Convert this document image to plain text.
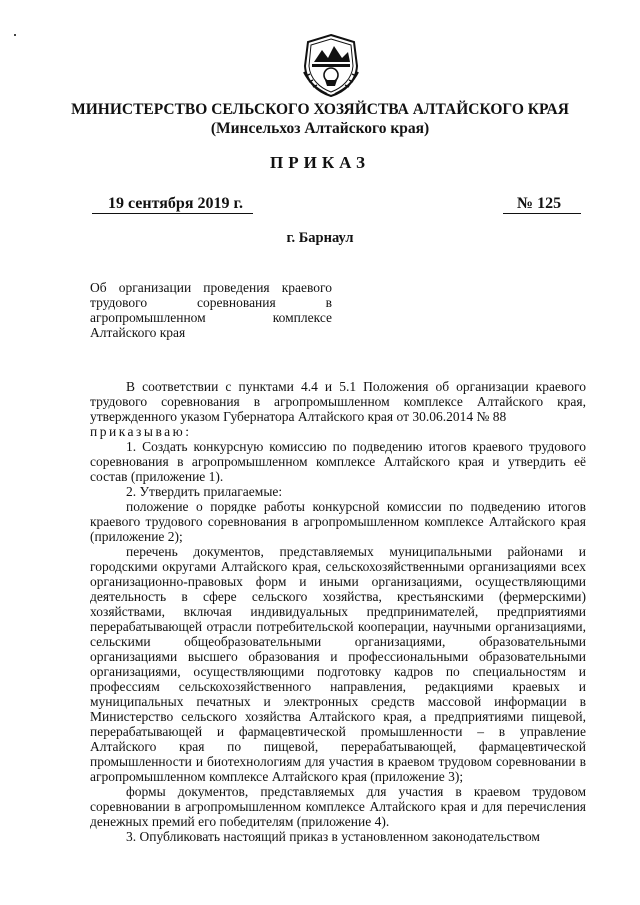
МИНИСТЕРСТВО СЕЛЬСКОГО ХОЗЯЙСТВА АЛТАЙСКОГО КРАЯ
(Минсельхоз Алтайского края)
ПРИКАЗ
19 сентября 2019 г.	№ 125
г. Барнаул
Об организации проведения краевого трудового соревнования в агропромышленном комплексе Алтайского края

В соответствии с пунктами 4.4 и 5.1 Положения об организации краевого трудового соревнования в агропромышленном комплексе Алтайского края, утвержденного указом Губернатора Алтайского края от 30.06.2014 № 88

приказываю:

1. Создать конкурсную комиссию по подведению итогов краевого трудового соревнования в агропромышленном комплексе Алтайского края и утвердить её состав (приложение 1).

2. Утвердить прилагаемые:

положение о порядке работы конкурсной комиссии по подведению итогов краевого трудового соревнования в агропромышленном комплексе Алтайского края (приложение 2);

перечень документов, представляемых муниципальными районами и городскими округами Алтайского края, сельскохозяйственными организациями всех организационно-правовых форм и иными организациями, осуществляющими деятельность в сфере сельского хозяйства, крестьянскими (фермерскими) хозяйствами, включая индивидуальных предпринимателей, предприятиями перерабатывающей отрасли потребительской кооперации, научными организациями, сельскими общеобразовательными организациями, образовательными организациями высшего образования и профессиональными образовательными организациями, осуществляющими подготовку кадров по специальностям и профессиям сельскохозяйственного направления, редакциями краевых и муниципальных печатных и электронных средств массовой информации в Министерство сельского хозяйства Алтайского края, а предприятиями пищевой, перерабатывающей и фармацевтической промышленности – в управление Алтайского края по пищевой, перерабатывающей, фармацевтической промышленности и биотехнологиям для участия в краевом трудовом соревновании в агропромышленном комплексе Алтайского края (приложение 3);

формы документов, представляемых для участия в краевом трудовом соревновании в агропромышленном комплексе Алтайского края и для перечисления денежных премий его победителям (приложение 4).

3. Опубликовать настоящий приказ в установленном законодательством
